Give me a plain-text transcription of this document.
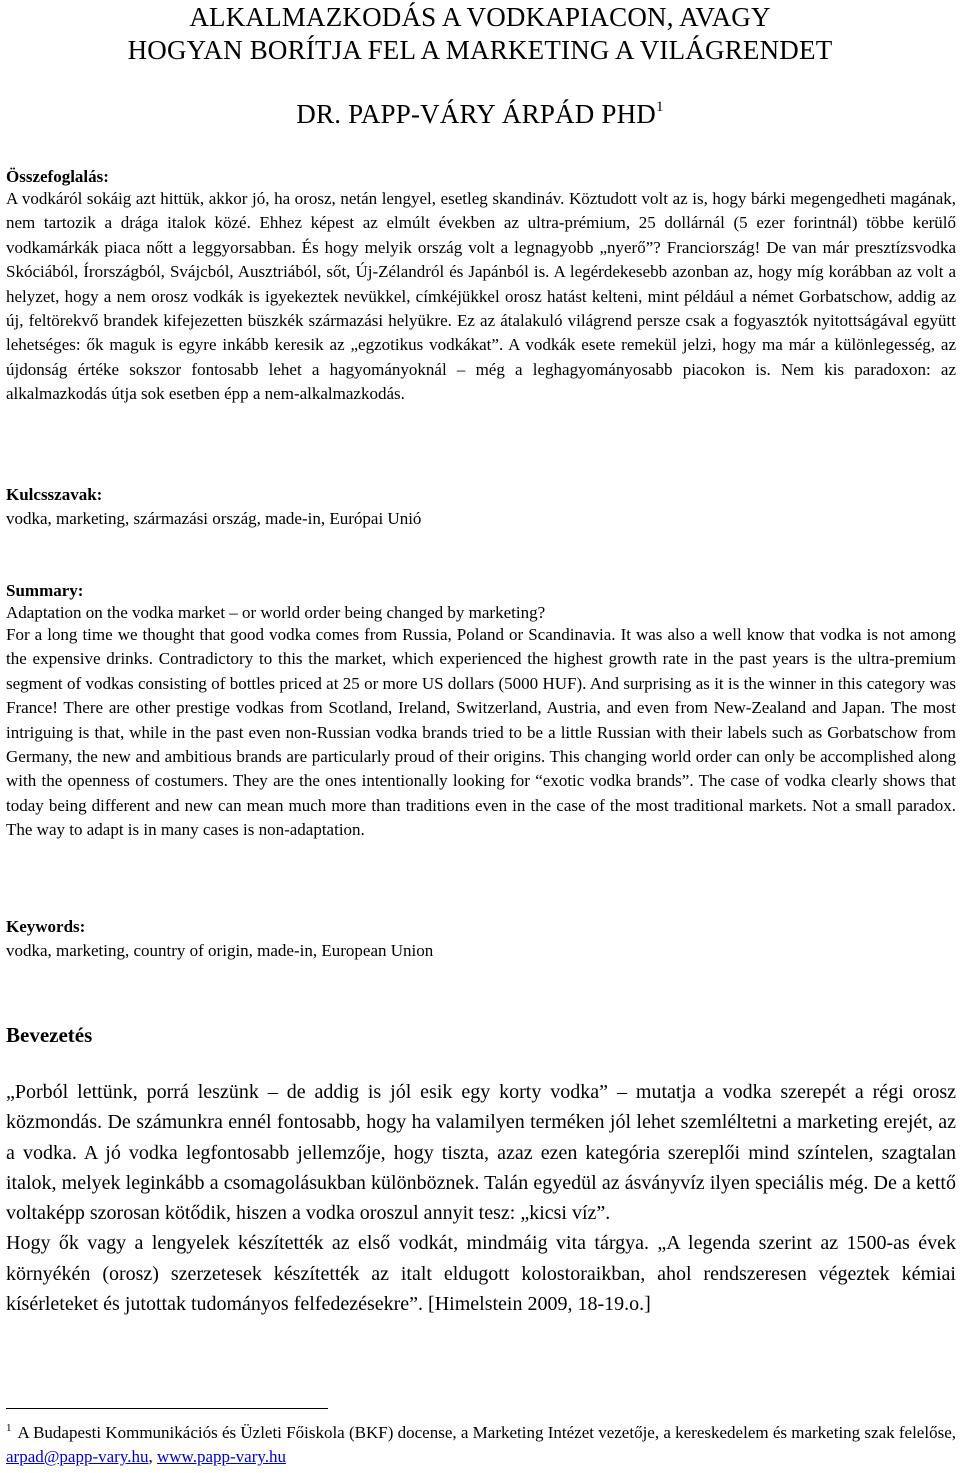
ALKALMAZKODÁS A VODKAPIACON, AVAGY
HOGYAN BORÍTJA FEL A MARKETING A VILÁGRENDET
DR. PAPP-VÁRY ÁRPÁD PHD$^1$

Összefoglalás:

A vodkáról sokáig azt hittük, akkor jó, ha orosz, netán lengyel, esetleg skandináv. Köztudott volt az is, hogy bárki megengedheti magának, nem tartozik a drága italok közé. Ehhez képest az elmúlt években az ultra-prémium, 25 dollárnál (5 ezer forintnál) többe kerülő vodkamárkák piaca nőtt a leggyorsabban. És hogy melyik ország volt a legnagyobb „nyerő”? Franciország! De van már presztízsvodka Skóciából, Írországból, Svájcból, Ausztriából, sőt, Új-Zélandról és Japánból is. A legérdekesebb azonban az, hogy míg korábban az volt a helyzet, hogy a nem orosz vodkák is igyekeztek nevükkel, címkéjükkel orosz hatást kelteni, mint például a német Gorbatschow, addig az új, feltörekvő brandek kifejezetten büszkék származási helyükre. Ez az átalakuló világrend persze csak a fogyasztók nyitottságával együtt lehetséges: ők maguk is egyre inkább keresik az „egzotikus vodkákat”. A vodkák esete remekül jelzi, hogy ma már a különlegesség, az újdonság értéke sokszor fontosabb lehet a hagyományoknál – még a leghagyományosabb piacokon is. Nem kis paradoxon: az alkalmazkodás útja sok esetben épp a nem-alkalmazkodás.

Kulcsszavak:

vodka, marketing, származási ország, made-in, Európai Unió

Summary:

Adaptation on the vodka market – or world order being changed by marketing?

For a long time we thought that good vodka comes from Russia, Poland or Scandinavia. It was also a well know that vodka is not among the expensive drinks. Contradictory to this the market, which experienced the highest growth rate in the past years is the ultra-premium segment of vodkas consisting of bottles priced at 25 or more US dollars (5000 HUF). And surprising as it is the winner in this category was France! There are other prestige vodkas from Scotland, Ireland, Switzerland, Austria, and even from New-Zealand and Japan. The most intriguing is that, while in the past even non-Russian vodka brands tried to be a little Russian with their labels such as Gorbatschow from Germany, the new and ambitious brands are particularly proud of their origins. This changing world order can only be accomplished along with the openness of costumers. They are the ones intentionally looking for “exotic vodka brands”. The case of vodka clearly shows that today being different and new can mean much more than traditions even in the case of the most traditional markets. Not a small paradox. The way to adapt is in many cases is non-adaptation.

Keywords:

vodka, marketing, country of origin, made-in, European Union

Bevezetés

„Porból lettünk, porrá leszünk – de addig is jól esik egy korty vodka” – mutatja a vodka szerepét a régi orosz közmondás. De számunkra ennél fontosabb, hogy ha valamilyen terméken jól lehet szemléltetni a marketing erejét, az a vodka. A jó vodka legfontosabb jellemzője, hogy tiszta, azaz ezen kategória szereplői mind színtelen, szagtalan italok, melyek leginkább a csomagolásukban különböznek. Talán egyedül az ásványvíz ilyen speciális még. De a kettő voltaképp szorosan kötődik, hiszen a vodka oroszul annyit tesz: „kicsi víz”.

Hogy ők vagy a lengyelek készítették az első vodkát, mindmáig vita tárgya. „A legenda szerint az 1500-as évek környékén (orosz) szerzetesek készítették az italt eldugott kolostoraikban, ahol rendszeresen végeztek kémiai kísérleteket és jutottak tudományos felfedezésekre”. [Himelstein 2009, 18-19.o.]

$^1$ A Budapesti Kommunikációs és Üzleti Főiskola (BKF) docense, a Marketing Intézet vezetője, a kereskedelem és marketing szak felelőse, arpad@papp-vary.hu, www.papp-vary.hu
